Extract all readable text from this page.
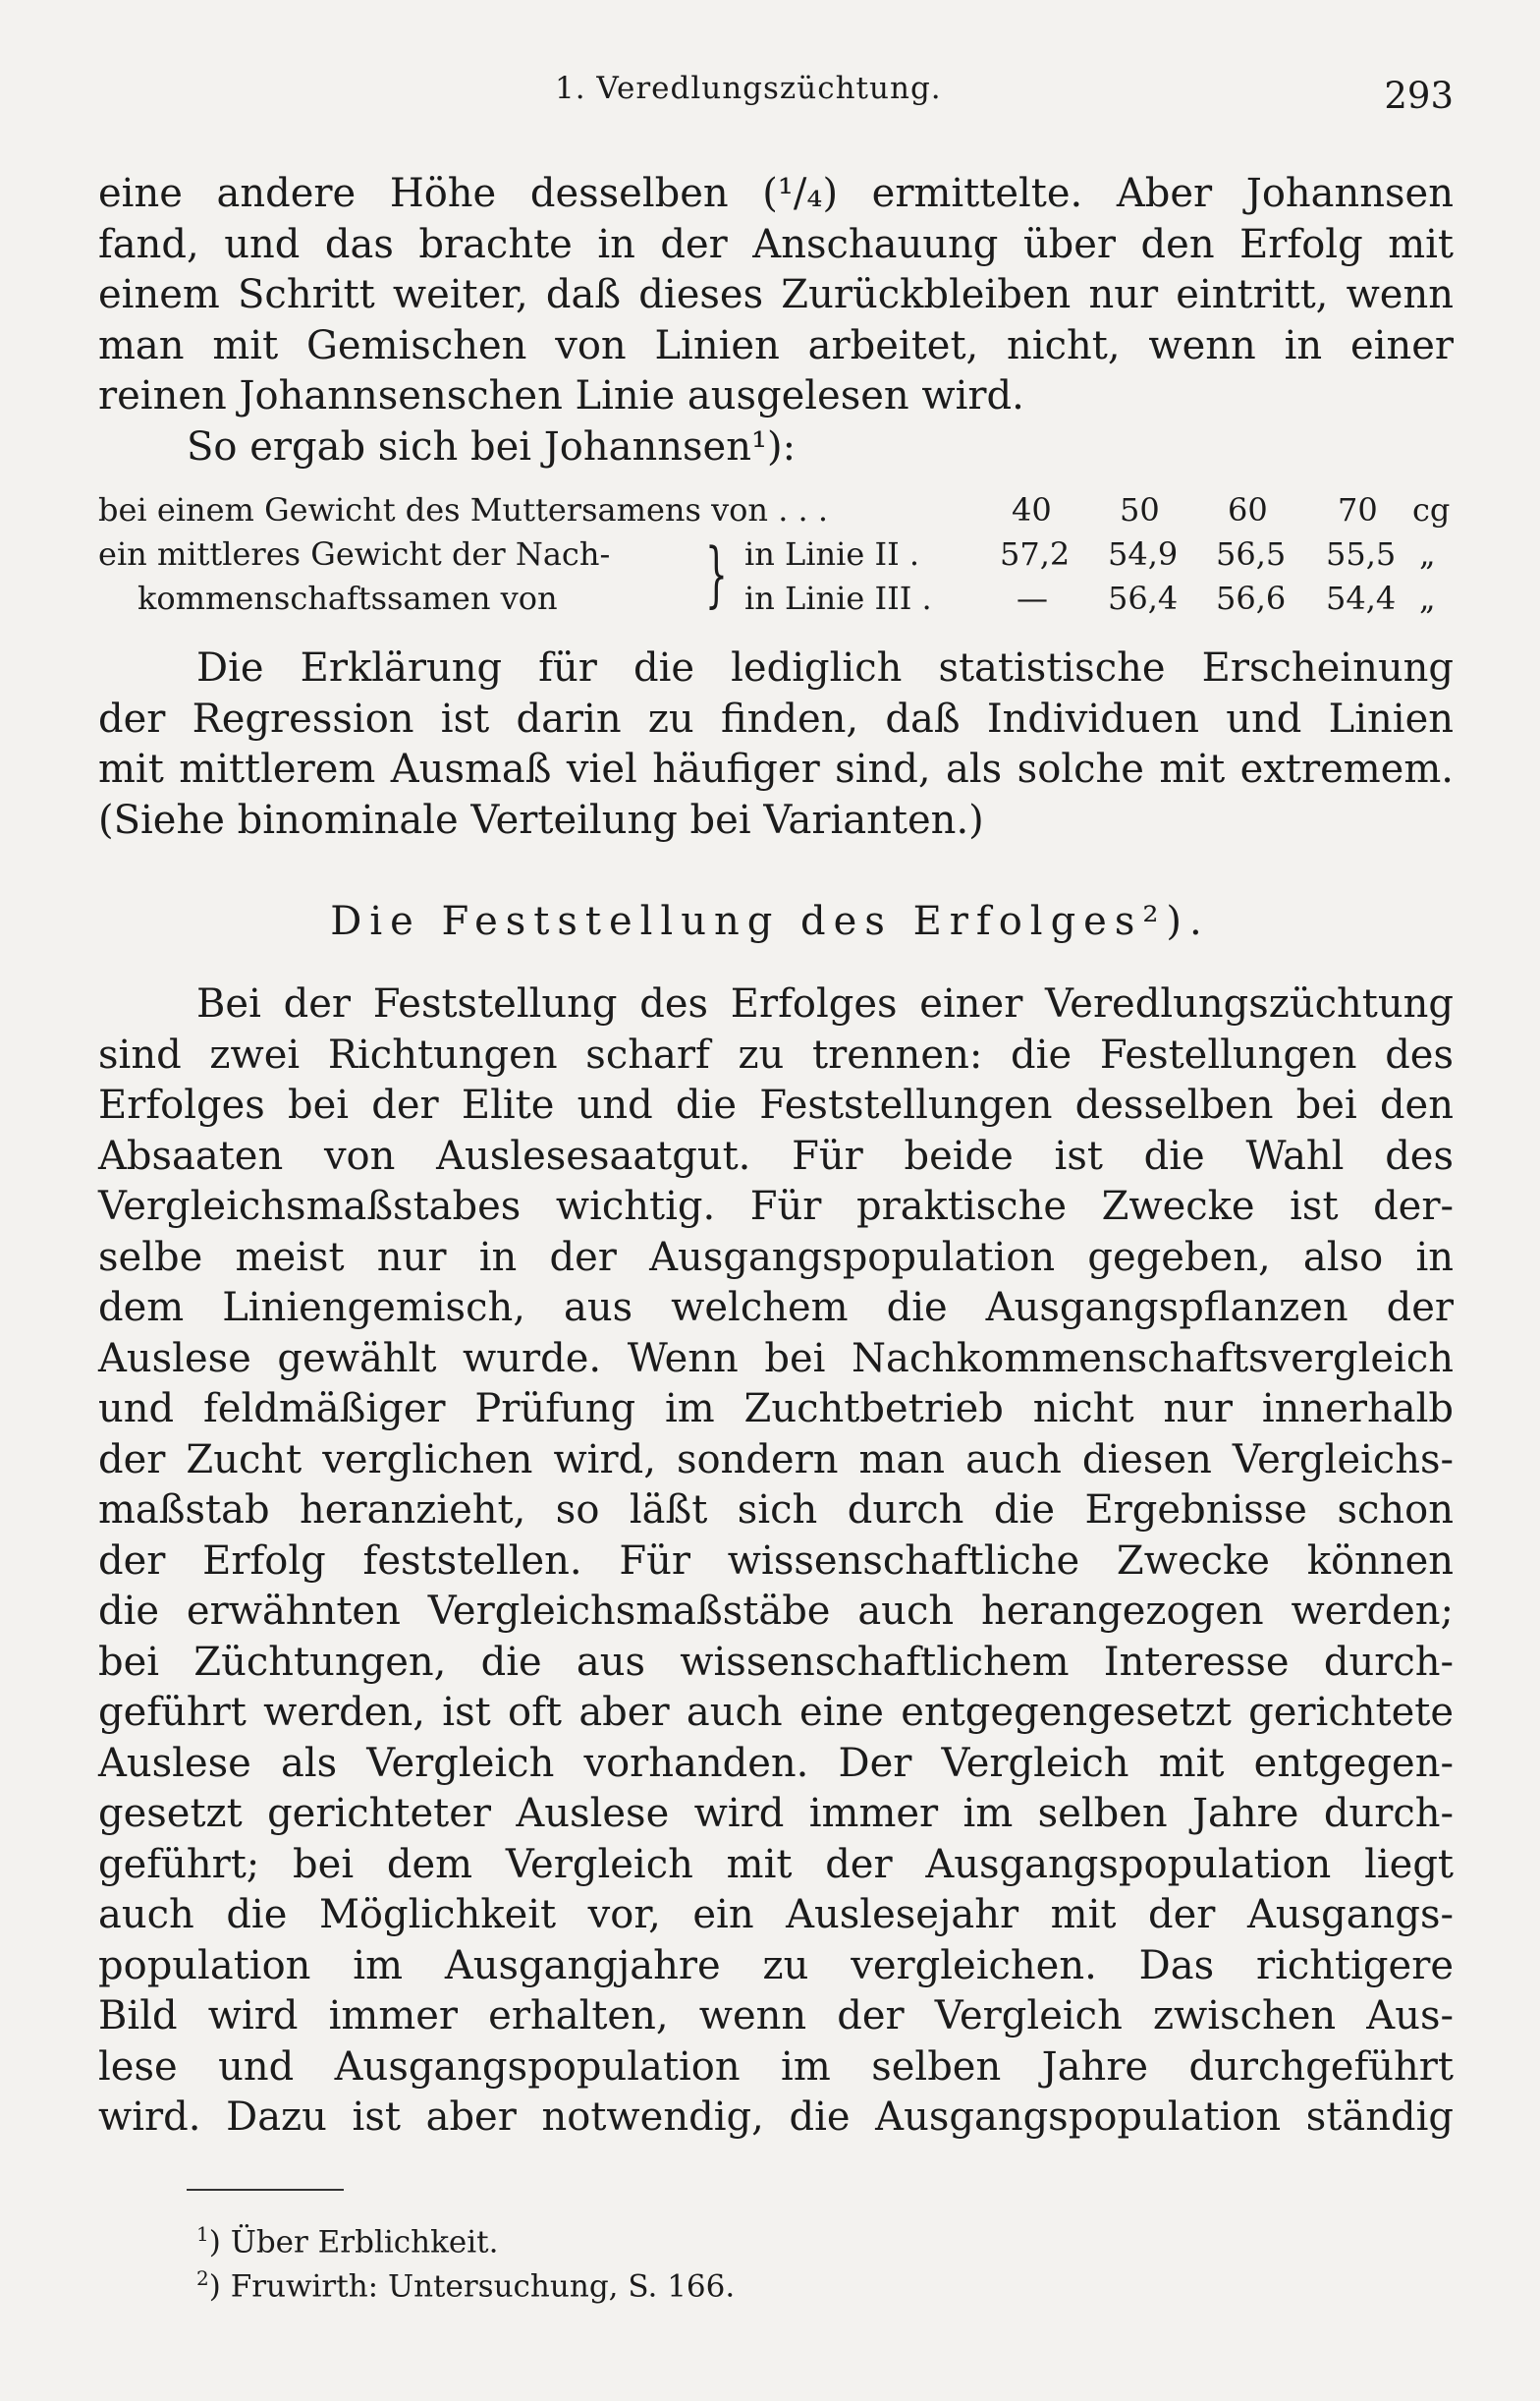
1. Veredlungszüchtung.	293
eine andere Höhe desselben (¹/₄) ermittelte. Aber Johannsen
fand, und das brachte in der Anschauung über den Erfolg mit
einem Schritt weiter, daß dieses Zurückbleiben nur eintritt, wenn
man mit Gemischen von Linien arbeitet, nicht, wenn in einer
reinen Johannsenschen Linie ausgelesen wird.
So ergab sich bei Johannsen¹):
bei einem Gewicht des Muttersamens von . . .	40 50 60 70 cg
ein mittleres Gewicht der Nach-	in Linie II .	57,2 54,9 56,5 55,5 „
kommenschaftssamen von	in Linie III .	— 56,4 56,6 54,4 „
}
Die Erklärung für die lediglich statistische Erscheinung
der Regression ist darin zu finden, daß Individuen und Linien
mit mittlerem Ausmaß viel häufiger sind, als solche mit extremem.
(Siehe binominale Verteilung bei Varianten.)
Die Feststellung des Erfolges²).
Bei der Feststellung des Erfolges einer Veredlungszüchtung
sind zwei Richtungen scharf zu trennen: die Festellungen des
Erfolges bei der Elite und die Feststellungen desselben bei den
Absaaten von Auslesesaatgut. Für beide ist die Wahl des
Vergleichsmaßstabes wichtig. Für praktische Zwecke ist der-
selbe meist nur in der Ausgangspopulation gegeben, also in
dem Liniengemisch, aus welchem die Ausgangspflanzen der
Auslese gewählt wurde. Wenn bei Nachkommenschaftsvergleich
und feldmäßiger Prüfung im Zuchtbetrieb nicht nur innerhalb
der Zucht verglichen wird, sondern man auch diesen Vergleichs-
maßstab heranzieht, so läßt sich durch die Ergebnisse schon
der Erfolg feststellen. Für wissenschaftliche Zwecke können
die erwähnten Vergleichsmaßstäbe auch herangezogen werden;
bei Züchtungen, die aus wissenschaftlichem Interesse durch-
geführt werden, ist oft aber auch eine entgegengesetzt gerichtete
Auslese als Vergleich vorhanden. Der Vergleich mit entgegen-
gesetzt gerichteter Auslese wird immer im selben Jahre durch-
geführt; bei dem Vergleich mit der Ausgangspopulation liegt
auch die Möglichkeit vor, ein Auslesejahr mit der Ausgangs-
population im Ausgangjahre zu vergleichen. Das richtigere
Bild wird immer erhalten, wenn der Vergleich zwischen Aus-
lese und Ausgangspopulation im selben Jahre durchgeführt
wird. Dazu ist aber notwendig, die Ausgangspopulation ständig
$^1$) Über Erblichkeit.
$^2$) Fruwirth: Untersuchung, S. 166.
